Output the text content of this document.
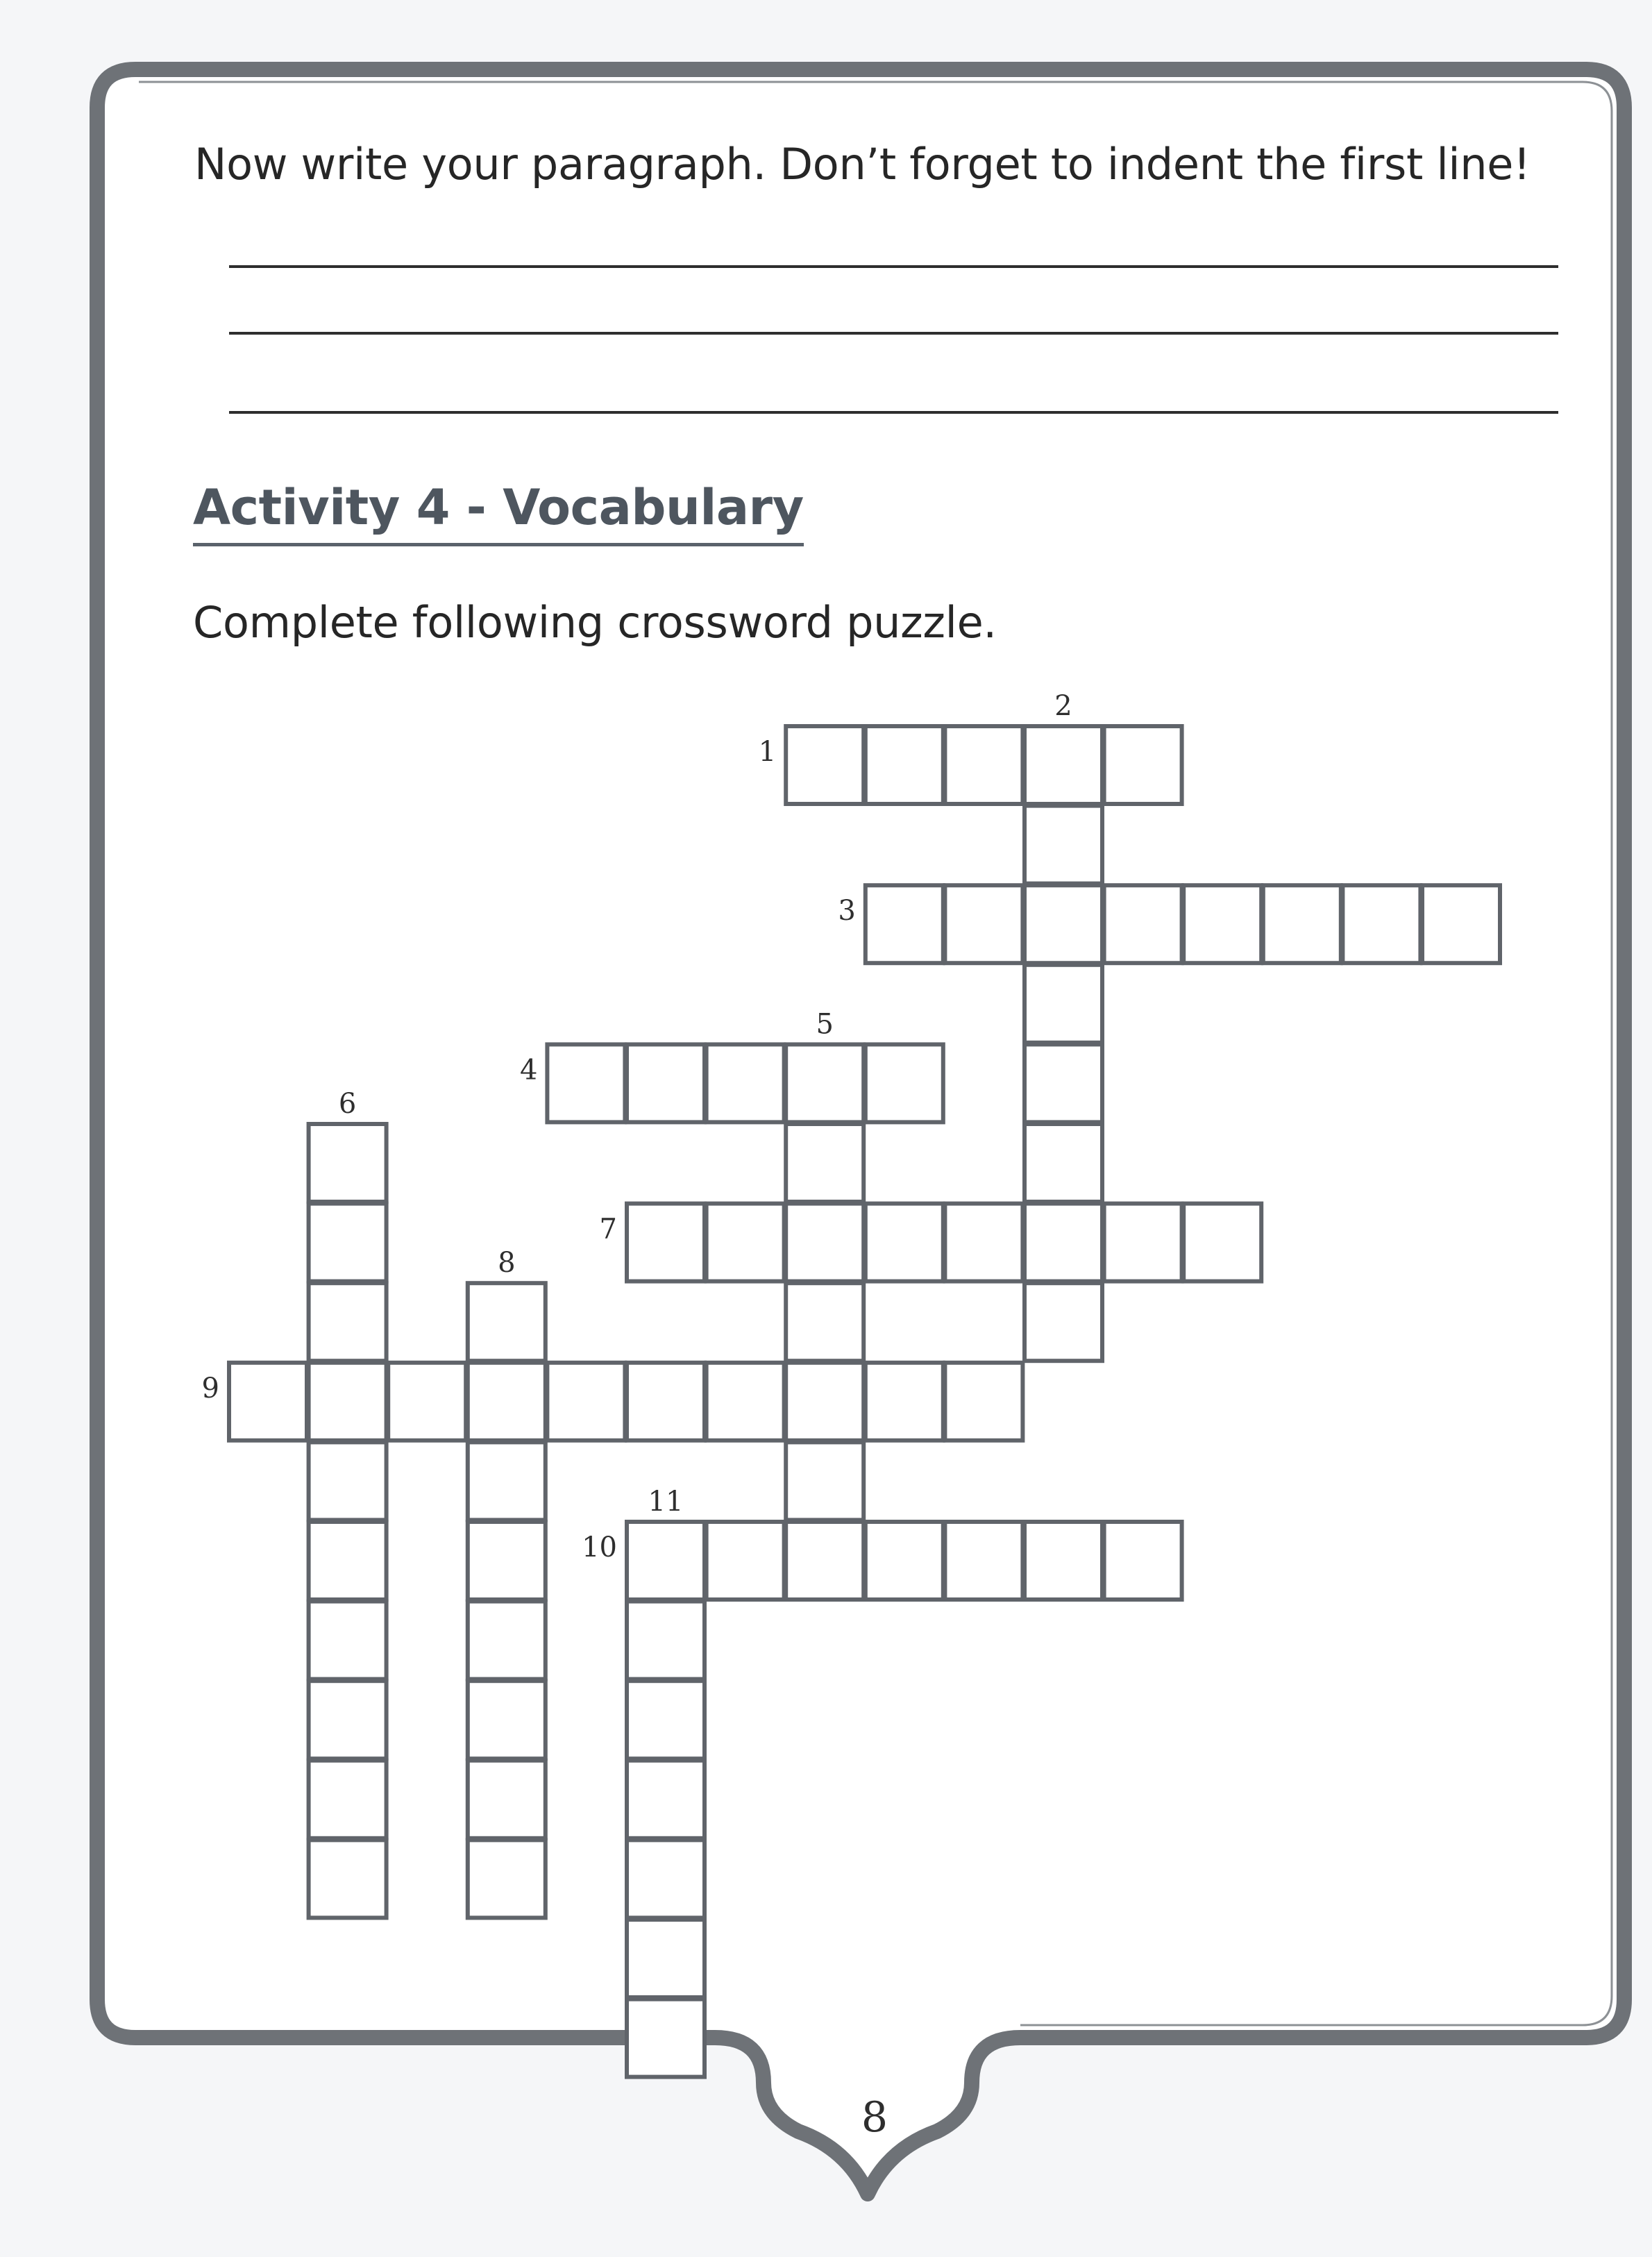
Now write your paragraph. Don’t forget to indent the first line!

Activity 4 - Vocabulary

Complete following crossword puzzle.

1
2
3
4
5
6
7
8
9
10
11
8
